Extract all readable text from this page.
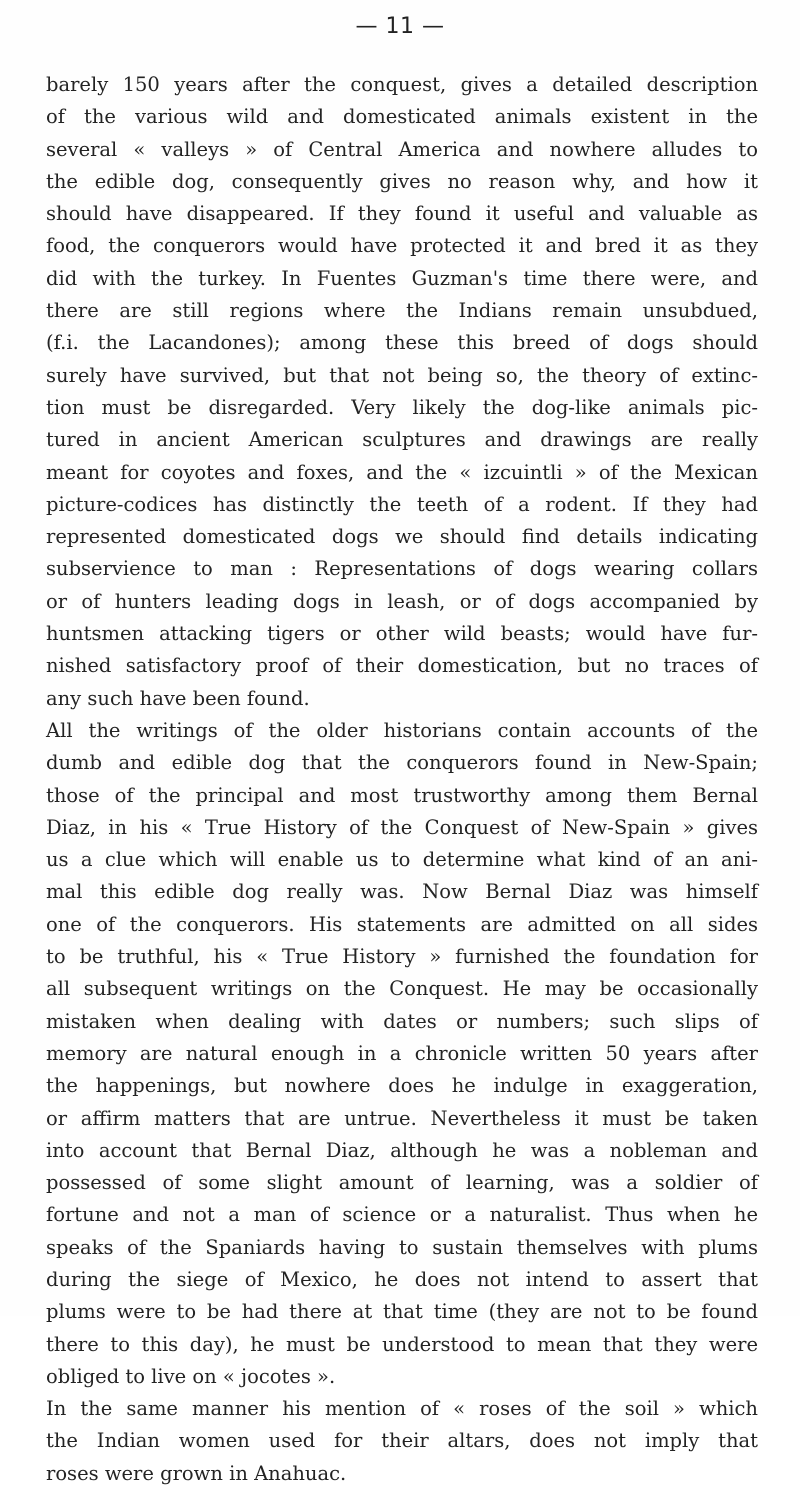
— 11 —
barely 150 years after the conquest, gives a detailed description
of the various wild and domesticated animals existent in the
several « valleys » of Central America and nowhere alludes to
the edible dog, consequently gives no reason why, and how it
should have disappeared. If they found it useful and valuable as
food, the conquerors would have protected it and bred it as they
did with the turkey. In Fuentes Guzman's time there were, and
there are still regions where the Indians remain unsubdued,
(f.i. the Lacandones); among these this breed of dogs should
surely have survived, but that not being so, the theory of extinc-
tion must be disregarded. Very likely the dog-like animals pic-
tured in ancient American sculptures and drawings are really
meant for coyotes and foxes, and the « izcuintli » of the Mexican
picture-codices has distinctly the teeth of a rodent. If they had
represented domesticated dogs we should find details indicating
subservience to man : Representations of dogs wearing collars
or of hunters leading dogs in leash, or of dogs accompanied by
huntsmen attacking tigers or other wild beasts; would have fur-
nished satisfactory proof of their domestication, but no traces of
any such have been found.
All the writings of the older historians contain accounts of the
dumb and edible dog that the conquerors found in New-Spain;
those of the principal and most trustworthy among them Bernal
Diaz, in his « True History of the Conquest of New-Spain » gives
us a clue which will enable us to determine what kind of an ani-
mal this edible dog really was. Now Bernal Diaz was himself
one of the conquerors. His statements are admitted on all sides
to be truthful, his « True History » furnished the foundation for
all subsequent writings on the Conquest. He may be occasionally
mistaken when dealing with dates or numbers; such slips of
memory are natural enough in a chronicle written 50 years after
the happenings, but nowhere does he indulge in exaggeration,
or affirm matters that are untrue. Nevertheless it must be taken
into account that Bernal Diaz, although he was a nobleman and
possessed of some slight amount of learning, was a soldier of
fortune and not a man of science or a naturalist. Thus when he
speaks of the Spaniards having to sustain themselves with plums
during the siege of Mexico, he does not intend to assert that
plums were to be had there at that time (they are not to be found
there to this day), he must be understood to mean that they were
obliged to live on « jocotes ».
In the same manner his mention of « roses of the soil » which
the Indian women used for their altars, does not imply that
roses were grown in Anahuac.
